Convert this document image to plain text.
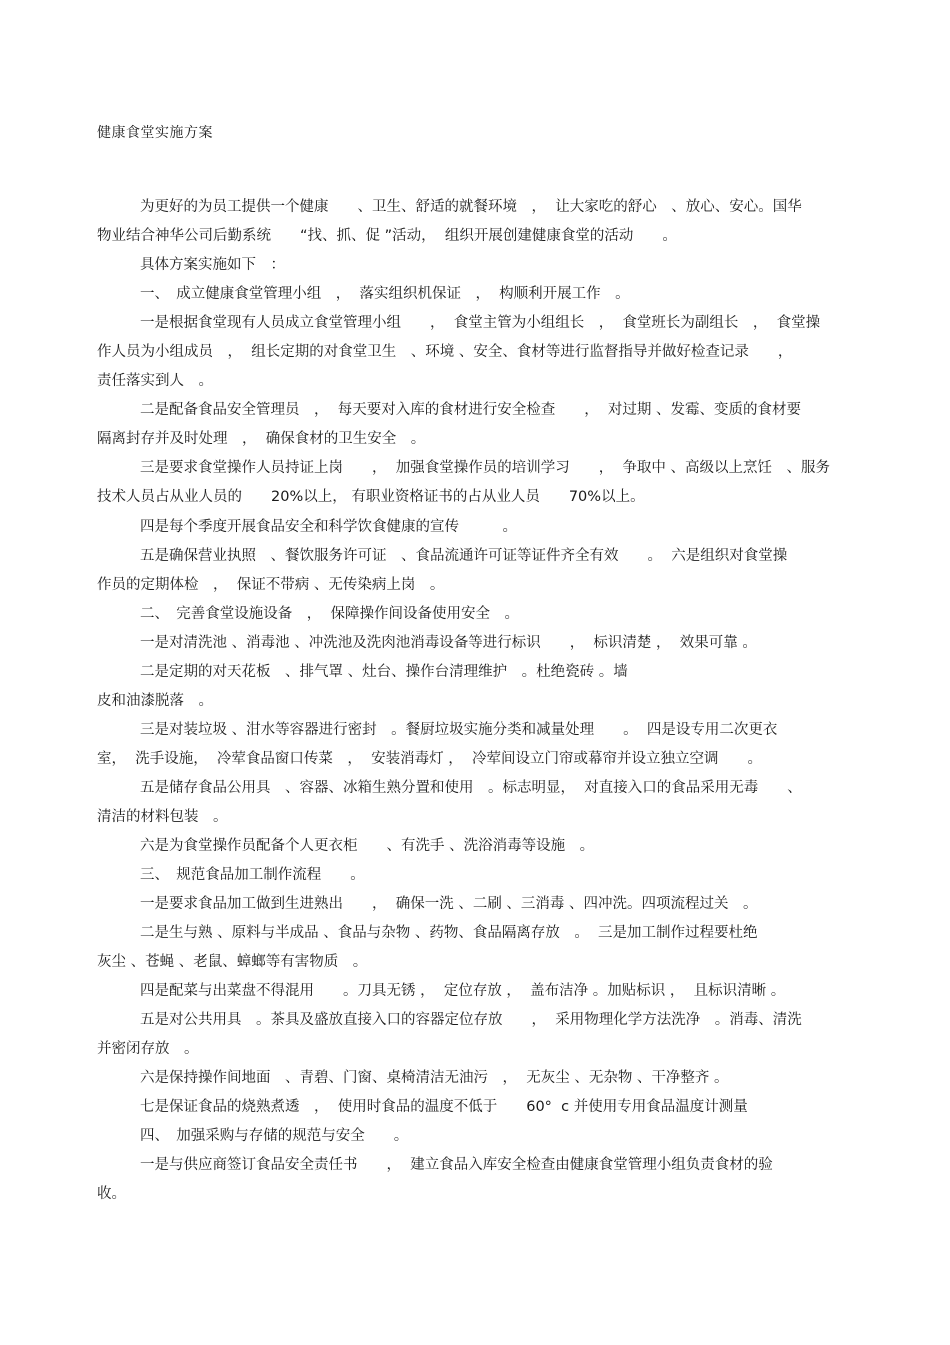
健康食堂实施方案
为更好的为员工提供一个健康　　、卫生、舒适的就餐环境　，  让大家吃的舒心　、放心、安心。国华
物业结合神华公司后勤系统　　“找、抓、促 ”活动，  组织开展创建健康食堂的活动　　。
具体方案实施如下　：
一、　成立健康食堂管理小组　，  落实组织机保证　，  构顺利开展工作　。
一是根据食堂现有人员成立食堂管理小组　　，  食堂主管为小组组长　，  食堂班长为副组长　，  食堂操
作人员为小组成员　，  组长定期的对食堂卫生　、环境 、安全、食材等进行监督指导并做好检查记录　　，
责任落实到人　。
二是配备食品安全管理员　，  每天要对入库的食材进行安全检查　　，  对过期 、发霉、变质的食材要
隔离封存并及时处理　，  确保食材的卫生安全　。
三是要求食堂操作人员持证上岗　　，  加强食堂操作员的培训学习　　，  争取中 、高级以上烹饪　、服务
技术人员占从业人员的　　20%以上， 有职业资格证书的占从业人员　　70%以上。
四是每个季度开展食品安全和科学饮食健康的宣传　　　。
五是确保营业执照　、餐饮服务许可证　、食品流通许可证等证件齐全有效　　。  六是组织对食堂操
作员的定期体检　，  保证不带病 、无传染病上岗　。
二、　完善食堂设施设备　，  保障操作间设备使用安全　。
一是对清洗池 、消毒池 、冲洗池及洗肉池消毒设备等进行标识　　，  标识清楚 ，  效果可靠 。
二是定期的对天花板　、排气罩 、灶台、操作台清理维护　。杜绝瓷砖 。墙
皮和油漆脱落　。
三是对装垃圾 、泔水等容器进行密封　。餐厨垃圾实施分类和减量处理　　。  四是设专用二次更衣
室，  洗手设施，  冷荤食品窗口传菜　，  安装消毒灯 ，  冷荤间设立门帘或幕帘并设立独立空调　　。
五是储存食品公用具　、容器、冰箱生熟分置和使用　。标志明显，  对直接入口的食品采用无毒　　、
清洁的材料包装　。
六是为食堂操作员配备个人更衣柜　　、有洗手 、洗浴消毒等设施　。
三、　规范食品加工制作流程　　。
一是要求食品加工做到生进熟出　　，  确保一洗 、二刷 、三消毒 、四冲洗。四项流程过关　。
二是生与熟 、原料与半成品 、食品与杂物 、药物、食品隔离存放　。  三是加工制作过程要杜绝
灰尘 、苍蝇 、老鼠、蟑螂等有害物质　。
四是配菜与出菜盘不得混用　　。刀具无锈 ，  定位存放 ，  盖布洁净 。加贴标识 ，  且标识清晰 。
五是对公共用具　。茶具及盛放直接入口的容器定位存放　　，  采用物理化学方法洗净　。消毒、清洗
并密闭存放　。
六是保持操作间地面　、青碧、门窗、桌椅清洁无油污　，  无灰尘 、无杂物 、干净整齐 。
七是保证食品的烧熟煮透　，  使用时食品的温度不低于　　60°  c 并使用专用食品温度计测量
四、　加强采购与存储的规范与安全　　。
一是与供应商签订食品安全责任书　　，  建立食品入库安全检查由健康食堂管理小组负责食材的验
收。
